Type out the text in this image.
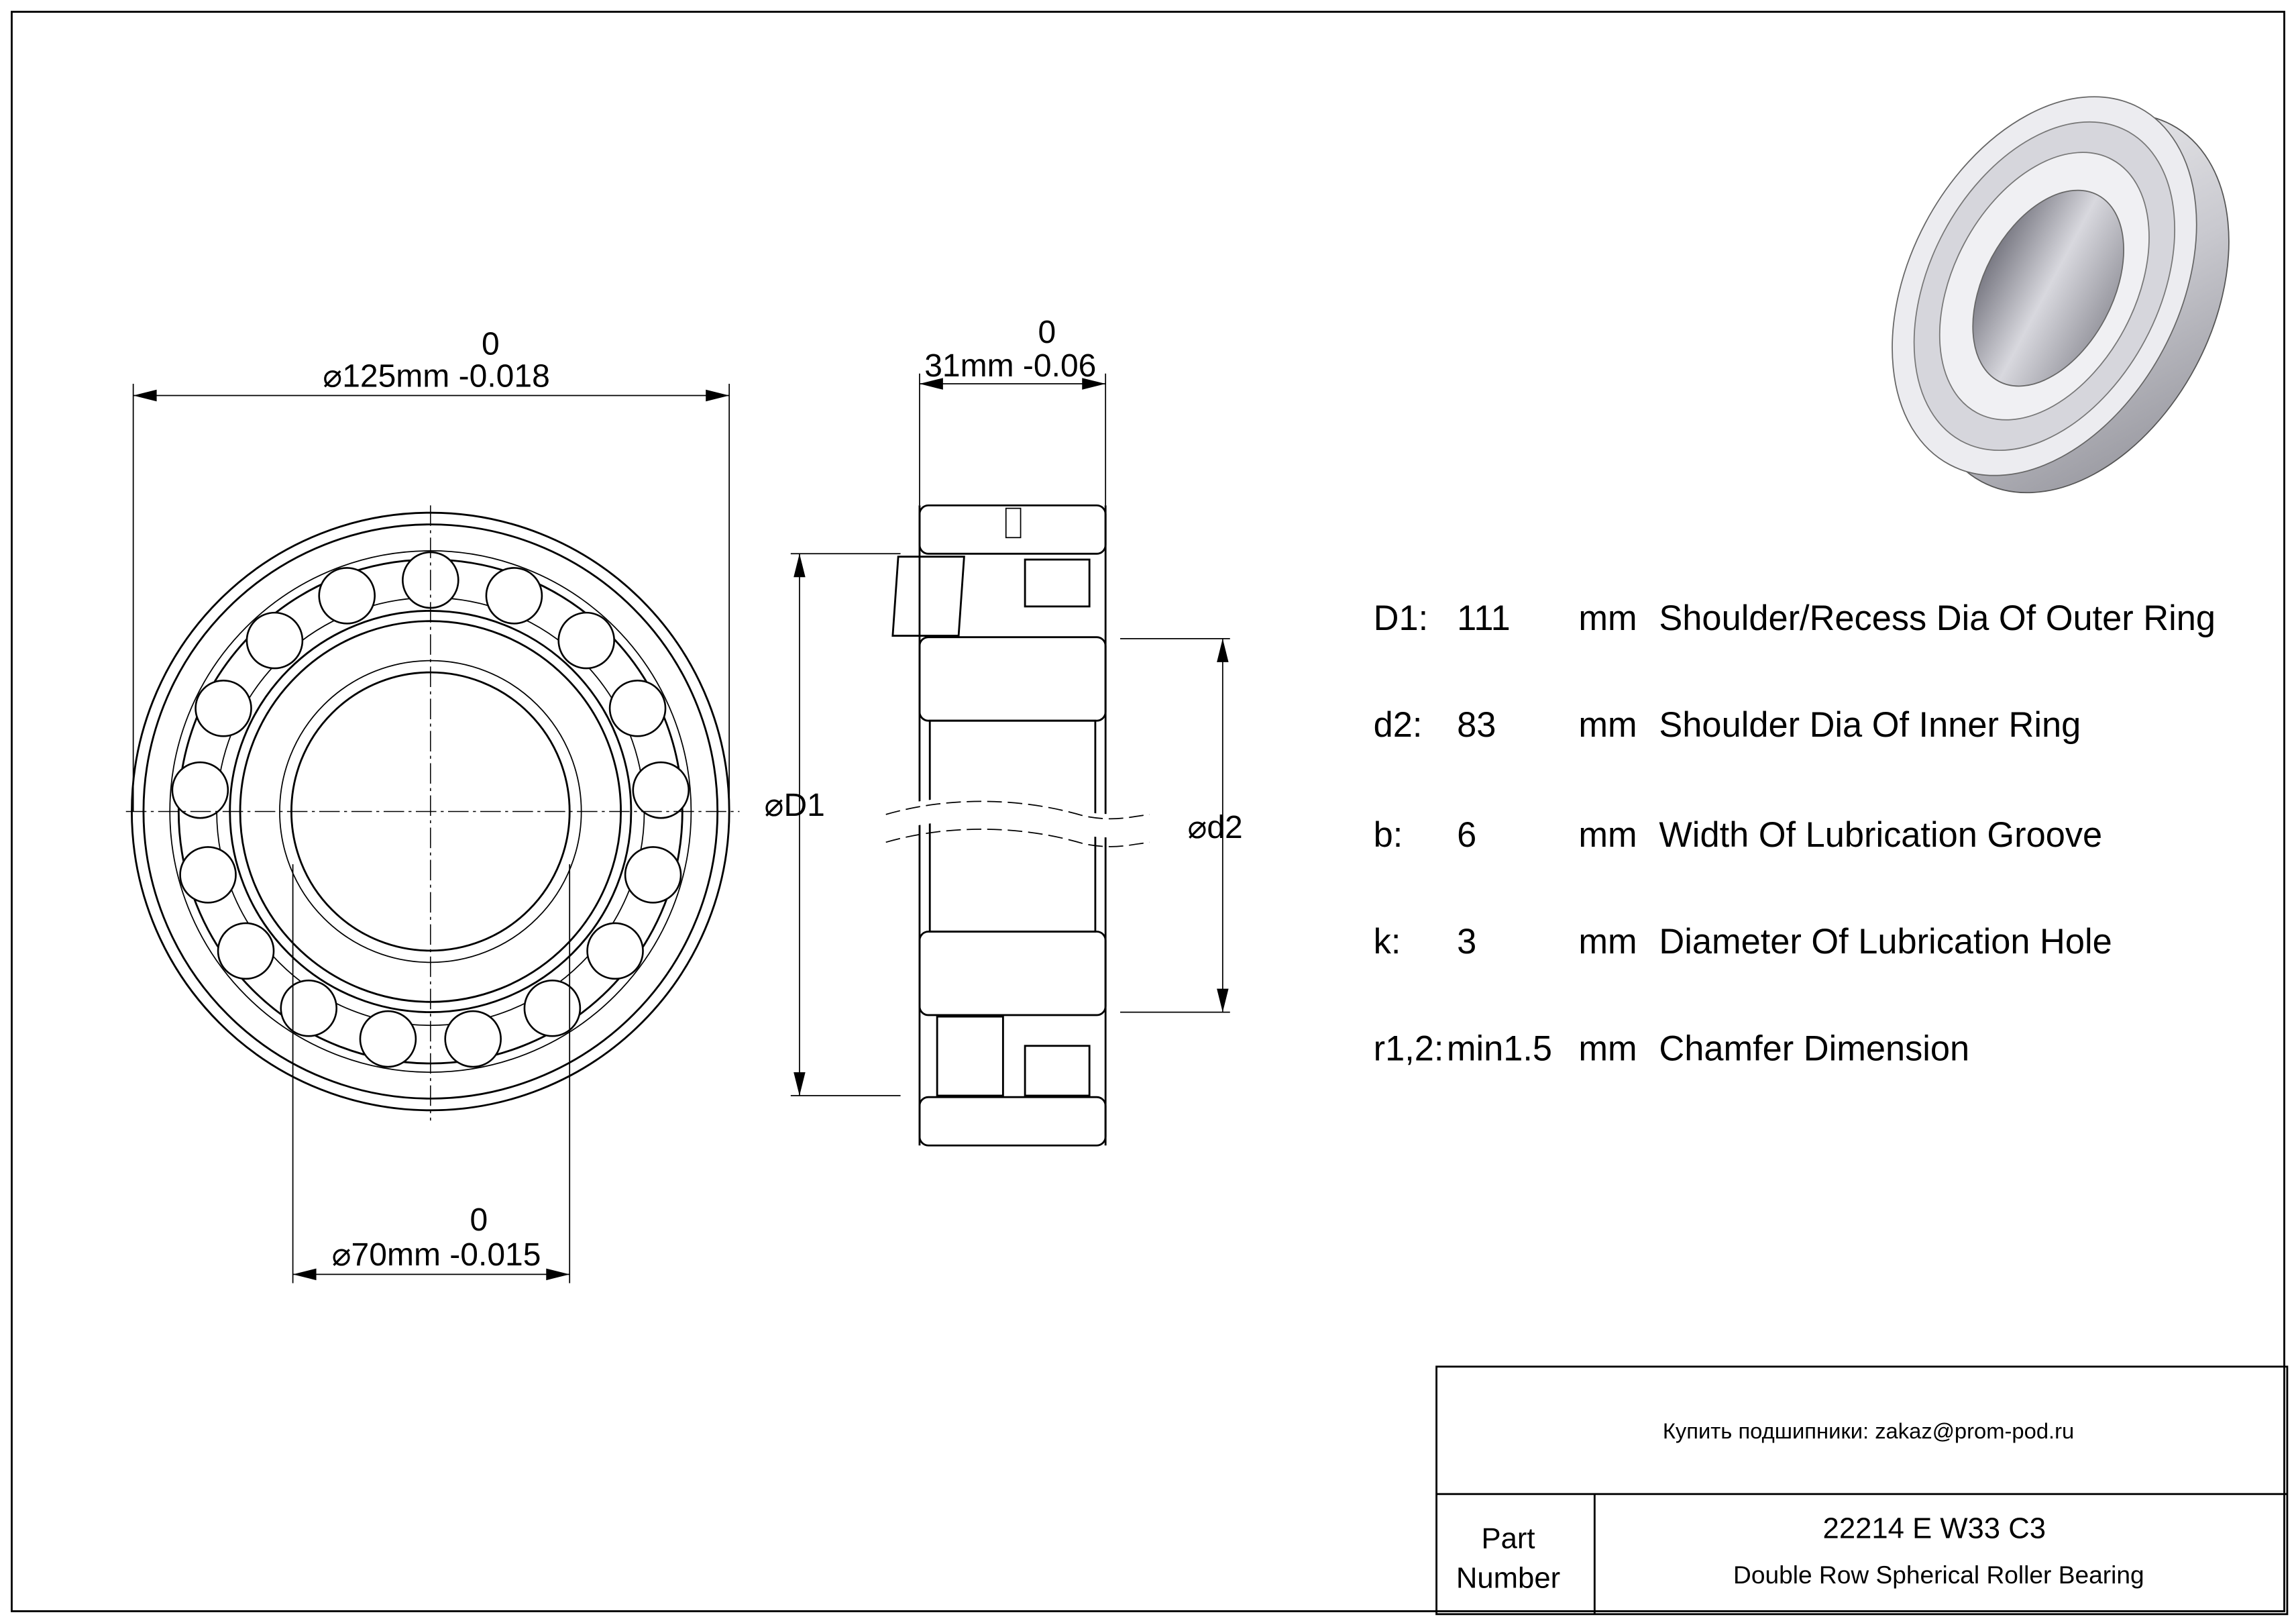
0
⌀125mm -0.018
0
⌀70mm -0.015
0
31mm -0.06
⌀D1
⌀d2
D1: 111	mm Shoulder/Recess Dia Of Outer Ring
d2: 83	mm Shoulder Dia Of Inner Ring
b:	6	mm Width Of Lubrication Groove
k:	3	mm Diameter Of Lubrication Hole
r1,2: min1.5 mm Chamfer Dimension
Купить подшипники: zakaz@prom-pod.ru
Part
Number
22214 E W33 C3
Double Row Spherical Roller Bearing
